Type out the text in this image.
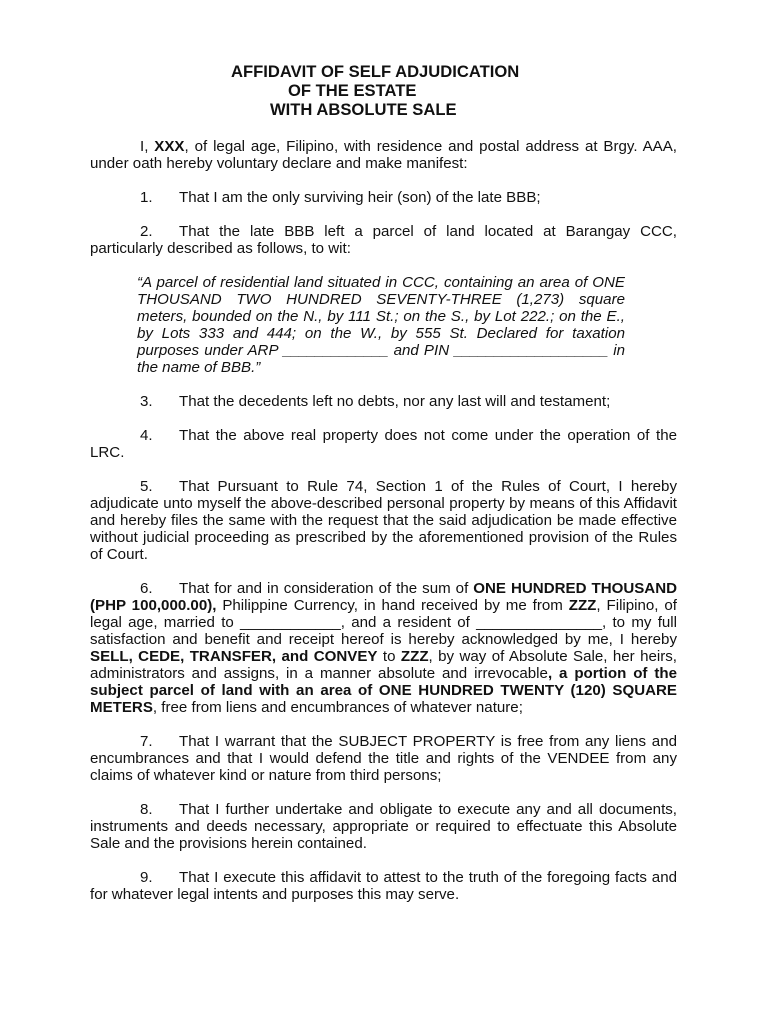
AFFIDAVIT OF SELF ADJUDICATION
OF THE ESTATE
WITH ABSOLUTE SALE

I, XXX, of legal age, Filipino, with residence and postal address at Brgy. AAA, under oath hereby voluntary declare and make manifest:

1. That I am the only surviving heir (son) of the late BBB;

2. That the late BBB left a parcel of land located at Barangay CCC, particularly described as follows, to wit:

“A parcel of residential land situated in CCC, containing an area of ONE THOUSAND TWO HUNDRED SEVENTY-THREE (1,273) square meters, bounded on the N., by 111 St.; on the S., by Lot 222.; on the E., by Lots 333 and 444; on the W., by 555 St. Declared for taxation purposes under ARP _____________ and PIN ___________________ in the name of BBB.”

3. That the decedents left no debts, nor any last will and testament;

4. That the above real property does not come under the operation of the LRC.

5. That Pursuant to Rule 74, Section 1 of the Rules of Court, I hereby adjudicate unto myself the above-described personal property by means of this Affidavit and hereby files the same with the request that the said adjudication be made effective without judicial proceeding as prescribed by the aforementioned provision of the Rules of Court.

6. That for and in consideration of the sum of ONE HUNDRED THOUSAND (PHP 100,000.00), Philippine Currency, in hand received by me from ZZZ, Filipino, of legal age, married to ____________, and a resident of _______________, to my full satisfaction and benefit and receipt hereof is hereby acknowledged by me, I hereby SELL, CEDE, TRANSFER, and CONVEY to ZZZ, by way of Absolute Sale, her heirs, administrators and assigns, in a manner absolute and irrevocable, a portion of the subject parcel of land with an area of ONE HUNDRED TWENTY (120) SQUARE METERS, free from liens and encumbrances of whatever nature;

7. That I warrant that the SUBJECT PROPERTY is free from any liens and encumbrances and that I would defend the title and rights of the VENDEE from any claims of whatever kind or nature from third persons;

8. That I further undertake and obligate to execute any and all documents, instruments and deeds necessary, appropriate or required to effectuate this Absolute Sale and the provisions herein contained.

9. That I execute this affidavit to attest to the truth of the foregoing facts and for whatever legal intents and purposes this may serve.
